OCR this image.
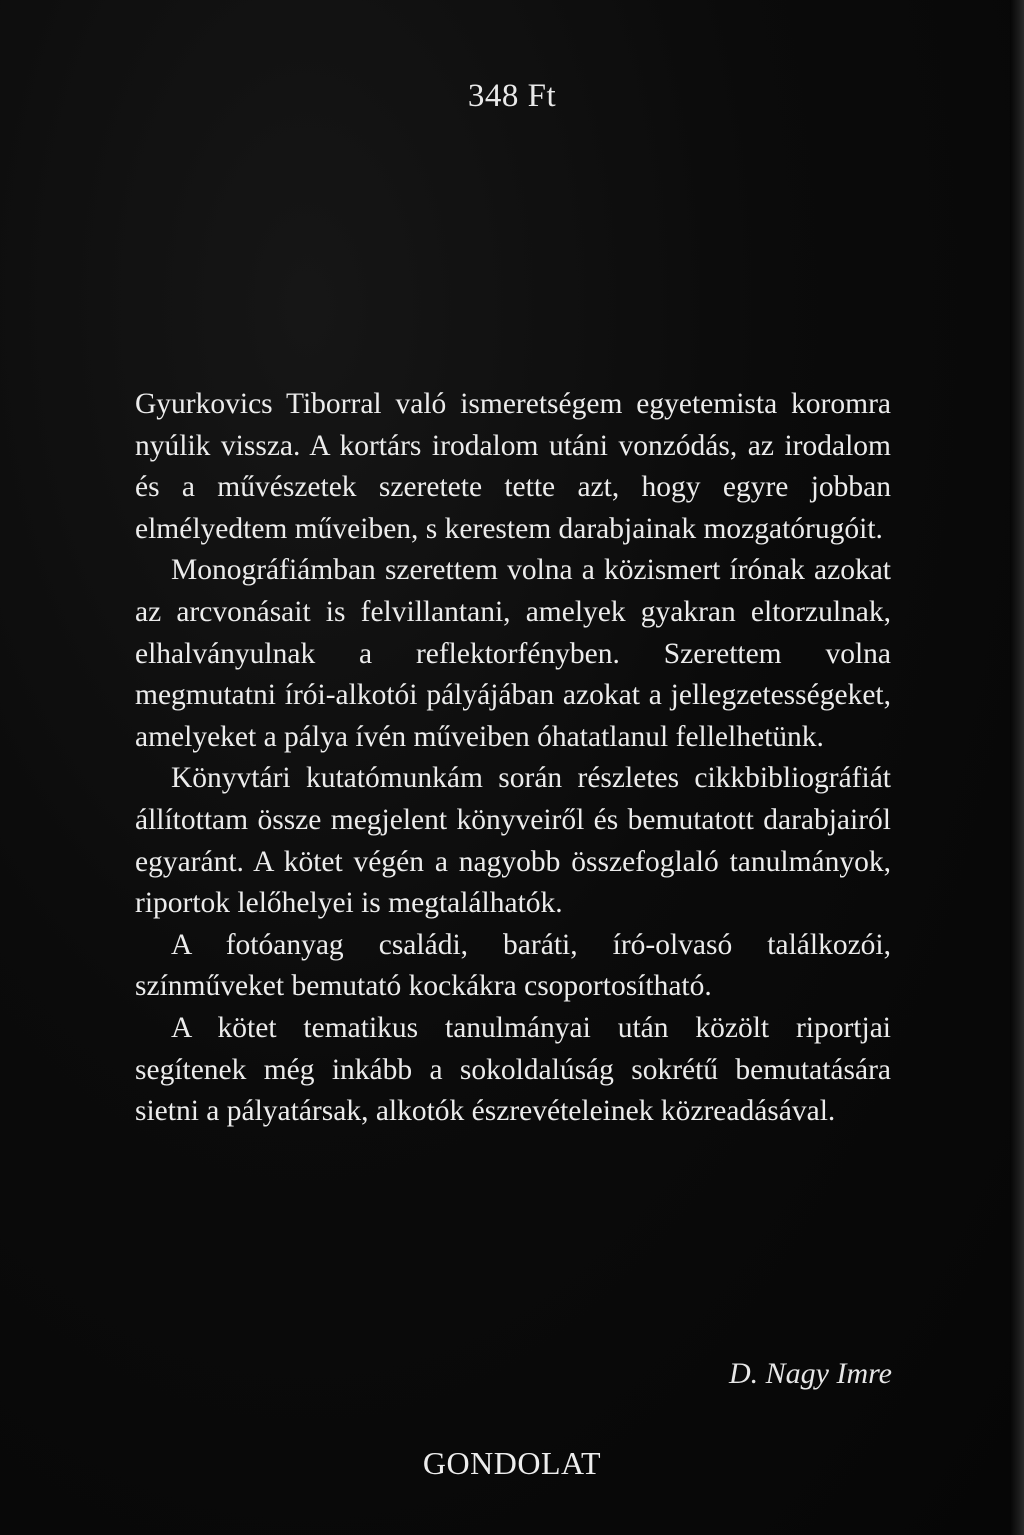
348 Ft

Gyurkovics Tiborral való ismeretségem egyetemista koromra nyúlik vissza. A kortárs irodalom utáni vonzódás, az irodalom és a művészetek szeretete tette azt, hogy egyre jobban elmélyedtem műveiben, s kerestem darabjainak mozgatórugóit.

Monográfiámban szerettem volna a közismert írónak azokat az arcvonásait is felvillantani, amelyek gyakran eltorzulnak, elhalványulnak a reflektorfényben. Szerettem volna megmutatni írói-alkotói pályájában azokat a jellegzetességeket, amelyeket a pálya ívén műveiben óhatatlanul fellelhetünk.

Könyvtári kutatómunkám során részletes cikkbibliográfiát állítottam össze megjelent könyveiről és bemutatott darabjairól egyaránt. A kötet végén a nagyobb összefoglaló tanulmányok, riportok lelőhelyei is megtalálhatók.

A fotóanyag családi, baráti, író-olvasó találkozói, színműveket bemutató kockákra csoportosítható.

A kötet tematikus tanulmányai után közölt riportjai segítenek még inkább a sokoldalúság sokrétű bemutatására sietni a pályatársak, alkotók észrevételeinek közreadásával.

D. Nagy Imre
GONDOLAT
